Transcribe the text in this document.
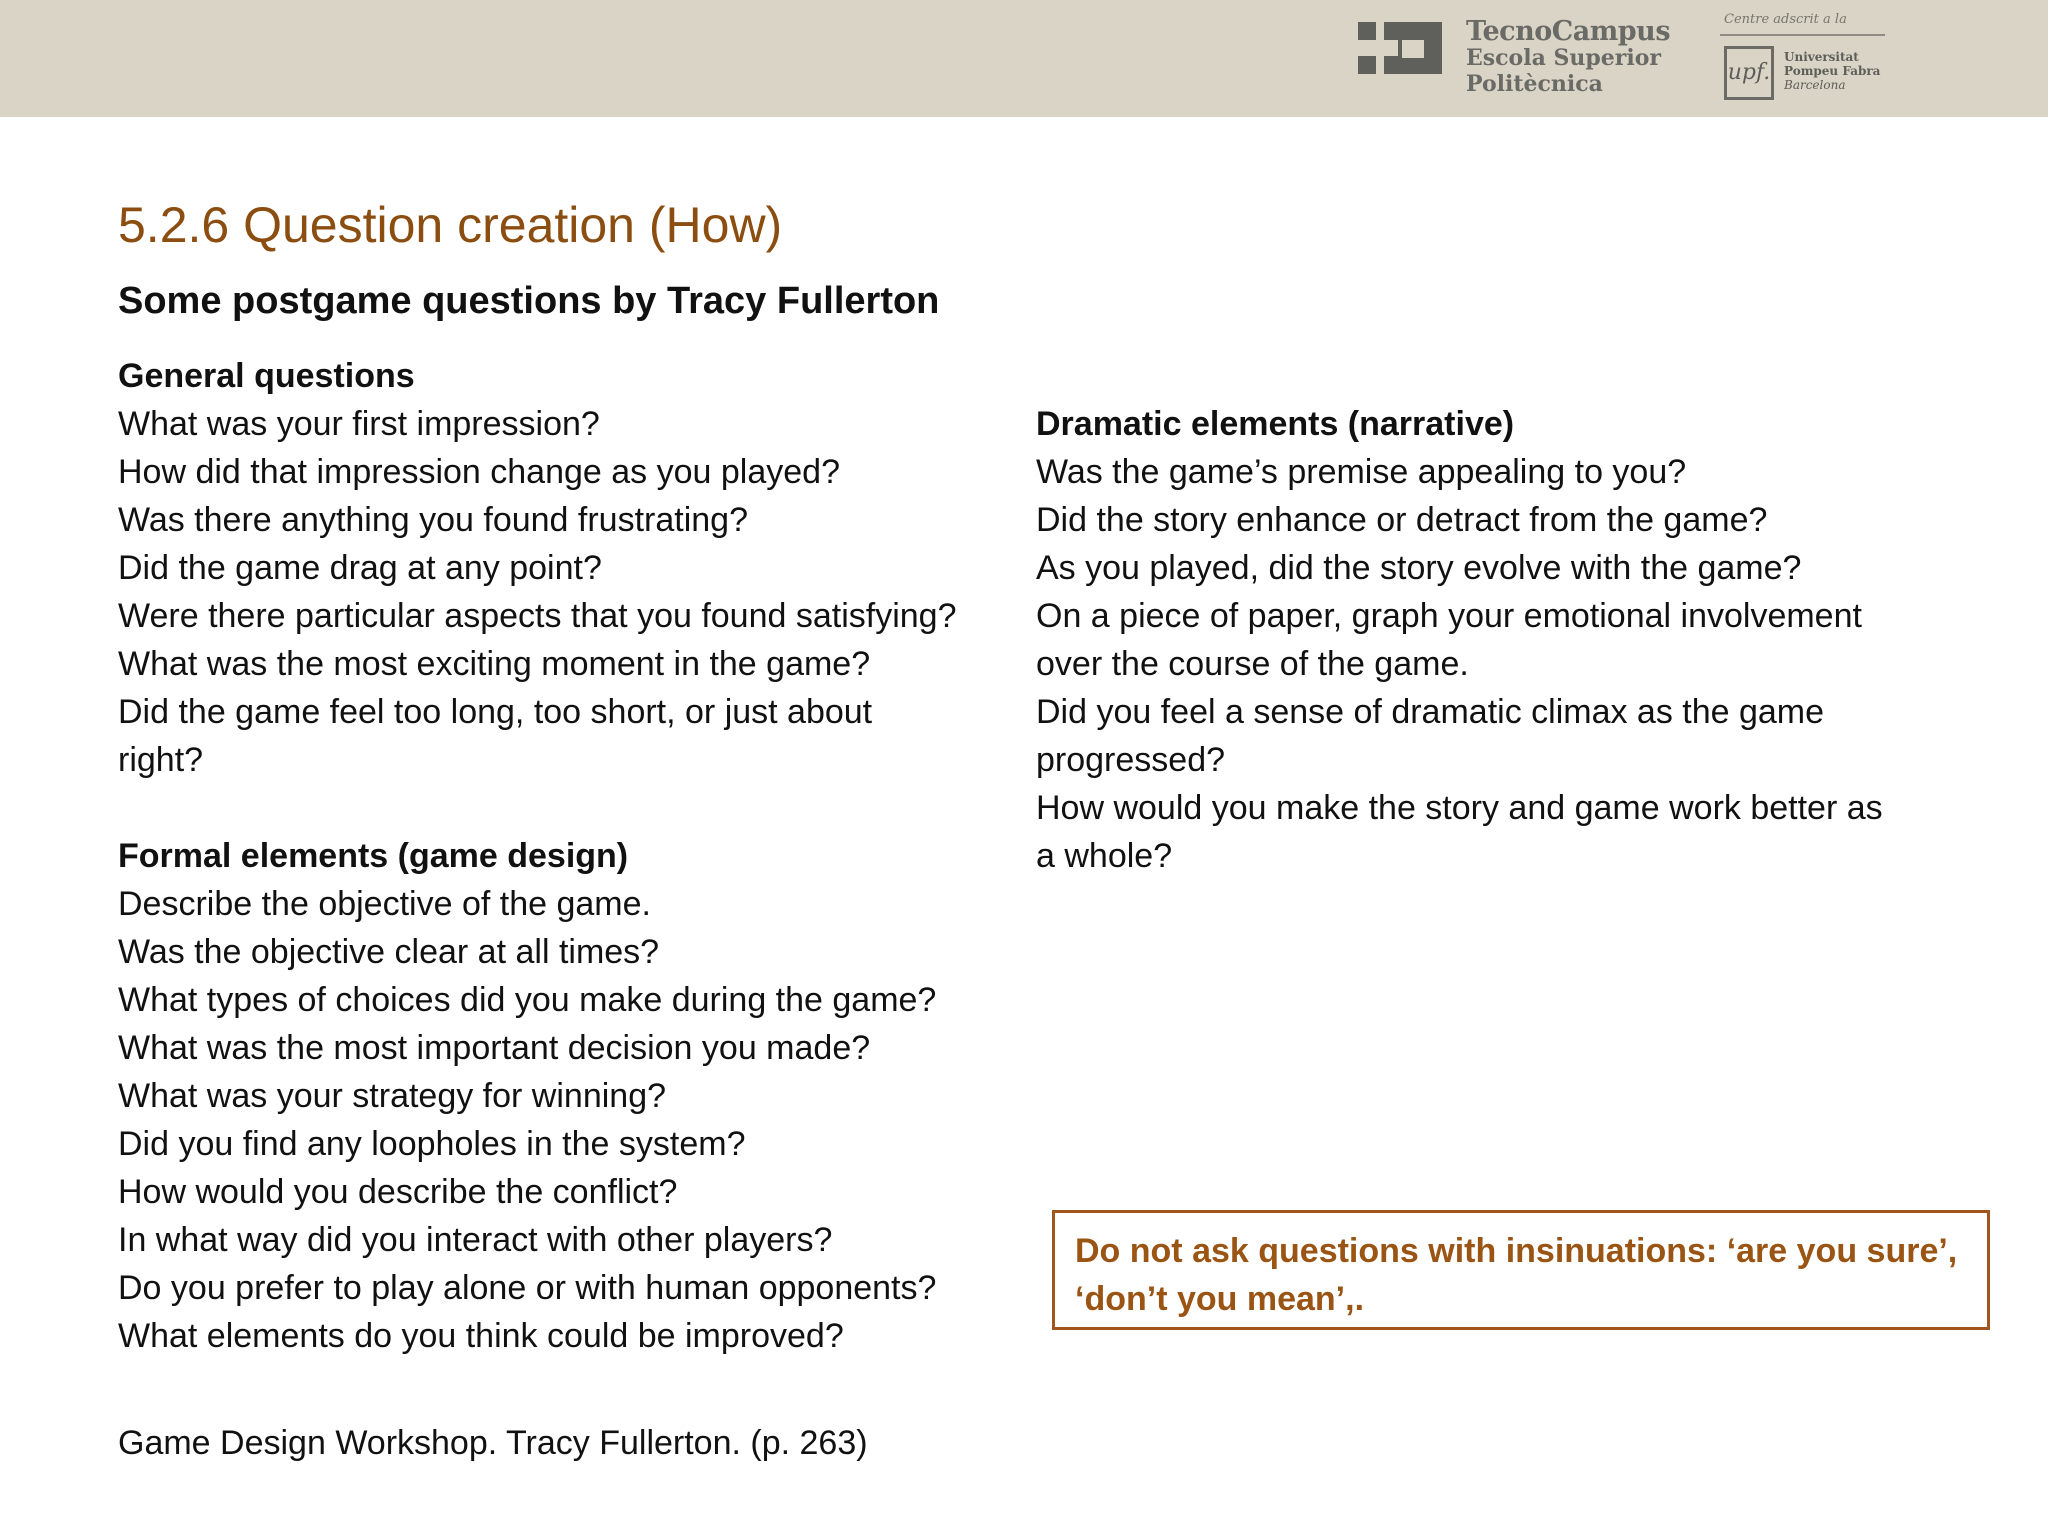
TecnoCampus
Escola Superior
Politècnica
Centre adscrit a la
upf.
Universitat
Pompeu Fabra
Barcelona
5.2.6 Question creation (How)
Some postgame questions by Tracy Fullerton
General questions
What was your first impression?
How did that impression change as you played?
Was there anything you found frustrating?
Did the game drag at any point?
Were there particular aspects that you found satisfying?
What was the most exciting moment in the game?
Did the game feel too long, too short, or just about
right?
Formal elements (game design)
Describe the objective of the game.
Was the objective clear at all times?
What types of choices did you make during the game?
What was the most important decision you made?
What was your strategy for winning?
Did you find any loopholes in the system?
How would you describe the conflict?
In what way did you interact with other players?
Do you prefer to play alone or with human opponents?
What elements do you think could be improved?
Dramatic elements (narrative)
Was the game’s premise appealing to you?
Did the story enhance or detract from the game?
As you played, did the story evolve with the game?
On a piece of paper, graph your emotional involvement
over the course of the game.
Did you feel a sense of dramatic climax as the game
progressed?
How would you make the story and game work better as
a whole?
Do not ask questions with insinuations: ‘are you sure’,
‘don’t you mean’,.
Game Design Workshop. Tracy Fullerton. (p. 263)
